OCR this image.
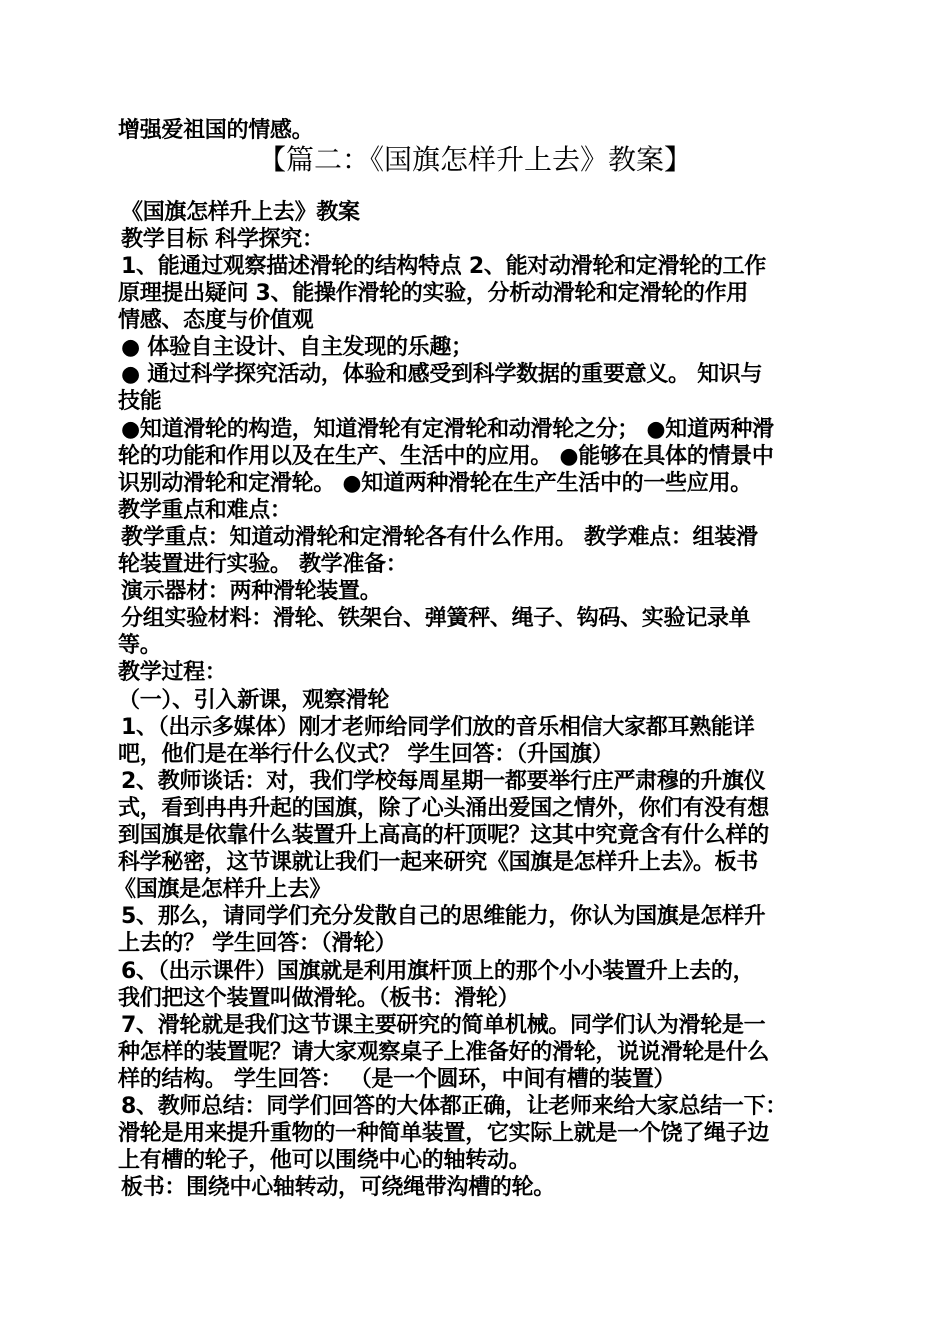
增强爱祖国的情感。
【篇二：《国旗怎样升上去》教案】
《国旗怎样升上去》教案
教学目标 科学探究：
1、能通过观察描述滑轮的结构特点 2、能对动滑轮和定滑轮的工作
原理提出疑问 3、能操作滑轮的实验，分析动滑轮和定滑轮的作用
情感、态度与价值观
● 体验自主设计、自主发现的乐趣；
● 通过科学探究活动，体验和感受到科学数据的重要意义。 知识与
技能
●知道滑轮的构造，知道滑轮有定滑轮和动滑轮之分； ●知道两种滑
轮的功能和作用以及在生产、生活中的应用。 ●能够在具体的情景中
识别动滑轮和定滑轮。 ●知道两种滑轮在生产生活中的一些应用。
教学重点和难点：
教学重点：知道动滑轮和定滑轮各有什么作用。 教学难点：组装滑
轮装置进行实验。 教学准备：
演示器材：两种滑轮装置。
分组实验材料：滑轮、铁架台、弹簧秤、绳子、钩码、实验记录单
等。
教学过程：
（一）、引入新课，观察滑轮
1、（出示多媒体）刚才老师给同学们放的音乐相信大家都耳熟能详
吧，他们是在举行什么仪式？ 学生回答：（升国旗）
2、教师谈话：对，我们学校每周星期一都要举行庄严肃穆的升旗仪
式，看到冉冉升起的国旗，除了心头涌出爱国之情外，你们有没有想
到国旗是依靠什么装置升上高高的杆顶呢？这其中究竟含有什么样的
科学秘密，这节课就让我们一起来研究《国旗是怎样升上去》。板书
《国旗是怎样升上去》
5、那么，请同学们充分发散自己的思维能力，你认为国旗是怎样升
上去的？ 学生回答：（滑轮）
6、（出示课件）国旗就是利用旗杆顶上的那个小小装置升上去的，
我们把这个装置叫做滑轮。（板书：滑轮）
7、滑轮就是我们这节课主要研究的简单机械。同学们认为滑轮是一
种怎样的装置呢？请大家观察桌子上准备好的滑轮，说说滑轮是什么
样的结构。 学生回答： （是一个圆环，中间有槽的装置）
8、教师总结：同学们回答的大体都正确，让老师来给大家总结一下：
滑轮是用来提升重物的一种简单装置，它实际上就是一个饶了绳子边
上有槽的轮子，他可以围绕中心的轴转动。
板书：围绕中心轴转动，可绕绳带沟槽的轮。
